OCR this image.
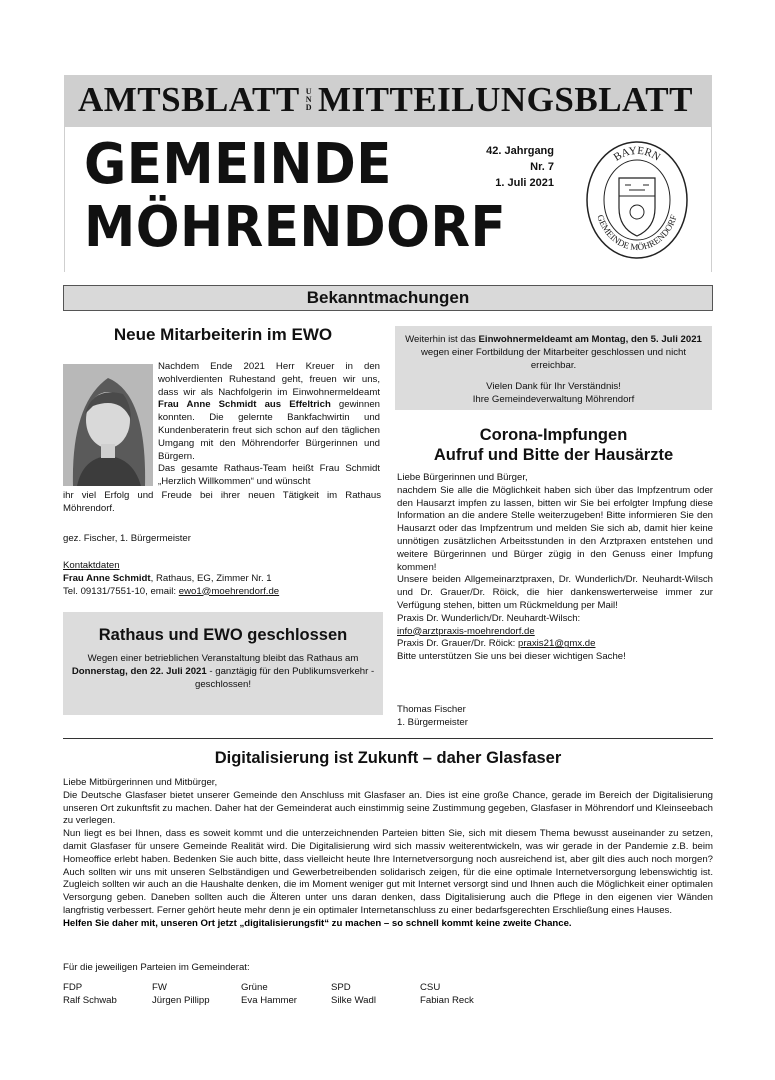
AMTSBLATT U
N
D MITTEILUNGSBLATT
GEMEINDE
MÖHRENDORF
42. Jahrgang
Nr. 7
1. Juli 2021
BAYERN
GEMEINDE MÖHRENDORF
Bekanntmachungen
Neue Mitarbeiterin im EWO
Nachdem Ende 2021 Herr Kreuer in den wohlverdienten Ruhestand geht, freuen wir uns, dass wir als Nachfolgerin im Einwohnermeldeamt Frau Anne Schmidt aus Effeltrich gewinnen konnten. Die gelernte Bankfachwirtin und Kundenberaterin freut sich schon auf den täglichen Umgang mit den Möhrendorfer Bürgerinnen und Bürgern.
Das gesamte Rathaus-Team heißt Frau Schmidt „Herzlich Willkommen“ und wünscht
ihr viel Erfolg und Freude bei ihrer neuen Tätigkeit im Rathaus Möhrendorf.
gez. Fischer, 1. Bürgermeister
Kontaktdaten
Frau Anne Schmidt, Rathaus, EG, Zimmer Nr. 1
Tel. 09131/7551-10, email: ewo1@moehrendorf.de
Rathaus und EWO geschlossen
Wegen einer betrieblichen Veranstaltung bleibt das Rathaus am Donnerstag, den 22. Juli 2021 - ganztägig für den Publikumsverkehr - geschlossen!
Weiterhin ist das Einwohnermeldeamt am Montag, den 5. Juli 2021 wegen einer Fortbildung der Mitarbeiter geschlossen und nicht erreichbar.
Vielen Dank für Ihr Verständnis!
Ihre Gemeindeverwaltung Möhrendorf
Corona-Impfungen
Aufruf und Bitte der Hausärzte
Liebe Bürgerinnen und Bürger,
nachdem Sie alle die Möglichkeit haben sich über das Impfzentrum oder den Hausarzt impfen zu lassen, bitten wir Sie bei erfolgter Impfung diese Information an die andere Stelle weiterzugeben! Bitte informieren Sie den Hausarzt oder das Impfzentrum und melden Sie sich ab, damit hier keine unnötigen zusätzlichen Arbeitsstunden in den Arztpraxen entstehen und weitere Bürgerinnen und Bürger zügig in den Genuss einer Impfung kommen!
Unsere beiden Allgemeinarztpraxen, Dr. Wunderlich/Dr. Neuhardt-Wilsch und Dr. Grauer/Dr. Röick, die hier dankenswerterweise immer zur Verfügung stehen, bitten um Rückmeldung per Mail!
Praxis Dr. Wunderlich/Dr. Neuhardt-Wilsch:
info@arztpraxis-moehrendorf.de
Praxis Dr. Grauer/Dr. Röick: praxis21@gmx.de
Bitte unterstützen Sie uns bei dieser wichtigen Sache!
Thomas Fischer
1. Bürgermeister
Digitalisierung ist Zukunft – daher Glasfaser
Liebe Mitbürgerinnen und Mitbürger,
Die Deutsche Glasfaser bietet unserer Gemeinde den Anschluss mit Glasfaser an. Dies ist eine große Chance, gerade im Bereich der Digitalisierung unseren Ort zukunftsfit zu machen. Daher hat der Gemeinderat auch einstimmig seine Zustimmung gegeben, Glasfaser in Möhrendorf und Kleinseebach zu verlegen.
Nun liegt es bei Ihnen, dass es soweit kommt und die unterzeichnenden Parteien bitten Sie, sich mit diesem Thema bewusst auseinander zu setzen, damit Glasfaser für unsere Gemeinde Realität wird. Die Digitalisierung wird sich massiv weiterentwickeln, was wir gerade in der Pandemie z.B. beim Homeoffice erlebt haben. Bedenken Sie auch bitte, dass vielleicht heute Ihre Internetversorgung noch ausreichend ist, aber gilt dies auch noch morgen? Auch sollten wir uns mit unseren Selbständigen und Gewerbetreibenden solidarisch zeigen, für die eine optimale Internetversorgung lebenswichtig ist. Zugleich sollten wir auch an die Haushalte denken, die im Moment weniger gut mit Internet versorgt sind und Ihnen auch die Möglichkeit einer optimalen Versorgung geben. Daneben sollten auch die Älteren unter uns daran denken, dass Digitalisierung auch die Pflege in den eigenen vier Wänden langfristig verbessert. Ferner gehört heute mehr denn je ein optimaler Internetanschluss zu einer bedarfsgerechten Erschließung eines Hauses.
Helfen Sie daher mit, unseren Ort jetzt „digitalisierungsfit“ zu machen – so schnell kommt keine zweite Chance.
Für die jeweiligen Parteien im Gemeinderat:
FDP
Ralf Schwab
FW
Jürgen Pillipp
Grüne
Eva Hammer
SPD
Silke Wadl
CSU
Fabian Reck
